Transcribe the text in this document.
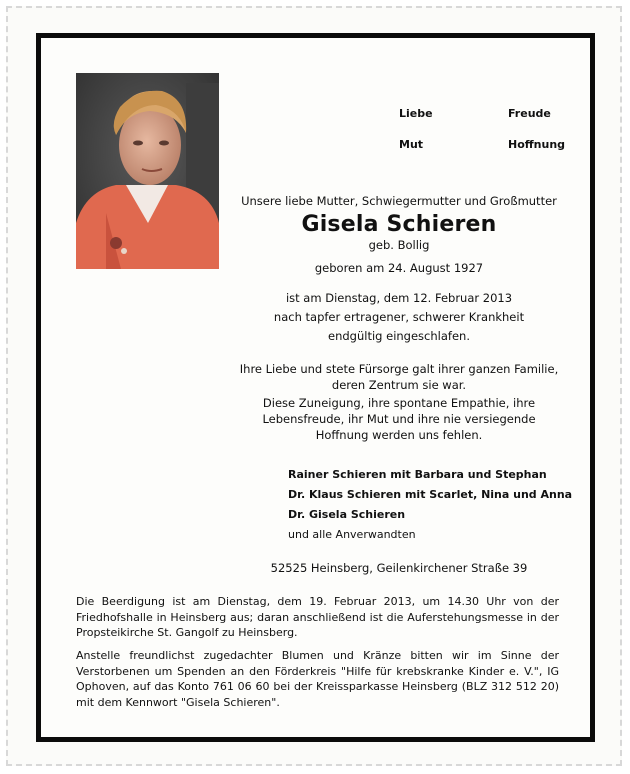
Liebe	Freude
Mut	Hoffnung
Unsere liebe Mutter, Schwiegermutter und Großmutter
Gisela Schieren
geb. Bollig
geboren am 24. August 1927
ist am Dienstag, dem 12. Februar 2013
nach tapfer ertragener, schwerer Krankheit
endgültig eingeschlafen.
Ihre Liebe und stete Fürsorge galt ihrer ganzen Familie,
deren Zentrum sie war.
Diese Zuneigung, ihre spontane Empathie, ihre
Lebensfreude, ihr Mut und ihre nie versiegende
Hoffnung werden uns fehlen.
Rainer Schieren mit Barbara und Stephan
Dr. Klaus Schieren mit Scarlet, Nina und Anna
Dr. Gisela Schieren
und alle Anverwandten
52525 Heinsberg, Geilenkirchener Straße 39
Die Beerdigung ist am Dienstag, dem 19. Februar 2013, um 14.30 Uhr von der Friedhofshalle in Heinsberg aus; daran anschließend ist die Auferstehungsmesse in der Propsteikirche St. Gangolf zu Heinsberg.
Anstelle freundlichst zugedachter Blumen und Kränze bitten wir im Sinne der Verstorbenen um Spenden an den Förderkreis "Hilfe für krebskranke Kinder e. V.", IG Ophoven, auf das Konto 761 06 60 bei der Kreissparkasse Heinsberg (BLZ 312 512 20) mit dem Kennwort "Gisela Schieren".
